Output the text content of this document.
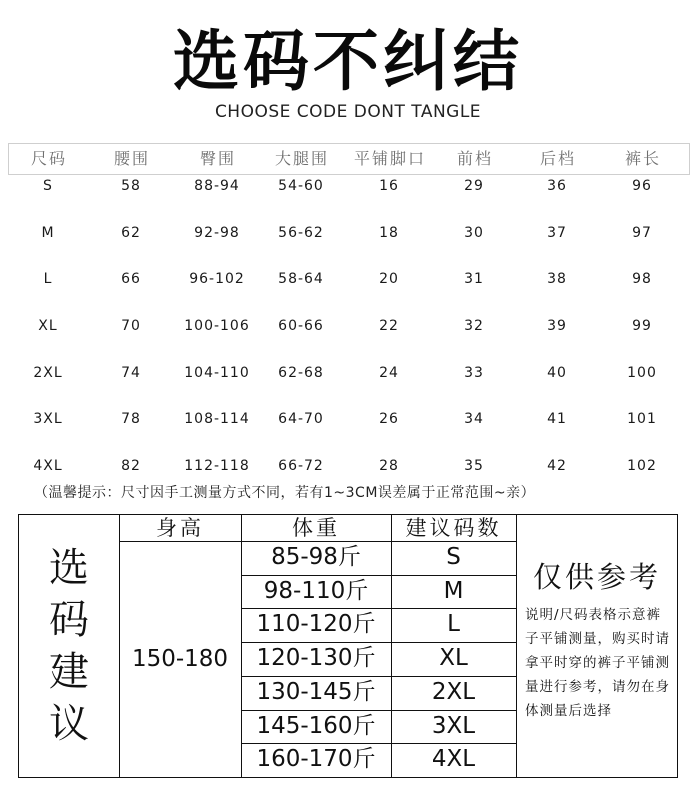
选码不纠结
CHOOSE CODE DONT TANGLE
尺码	腰围	臀围	大腿围	平铺脚口	前档	后档	裤长
S	58	88-94	54-60	16	29	36	96
M	62	92-98	56-62	18	30	37	97
L	66	96-102	58-64	20	31	38	98
XL	70	100-106	60-66	22	32	39	99
2XL	74	104-110	62-68	24	33	40	100
3XL	78	108-114	64-70	26	34	41	101
4XL	82	112-118	66-72	28	35	42	102
（温馨提示：尺寸因手工测量方式不同，若有1~3CM误差属于正常范围~亲）
选
码
建
议
150-180
仅供参考
说明/尺码表格示意裤子平铺测量，购买时请拿平时穿的裤子平铺测量进行参考，请勿在身体测量后选择
身高	体重	建议码数
85-98斤	S
98-110斤	M
110-120斤	L
120-130斤	XL
130-145斤	2XL
145-160斤	3XL
160-170斤	4XL
